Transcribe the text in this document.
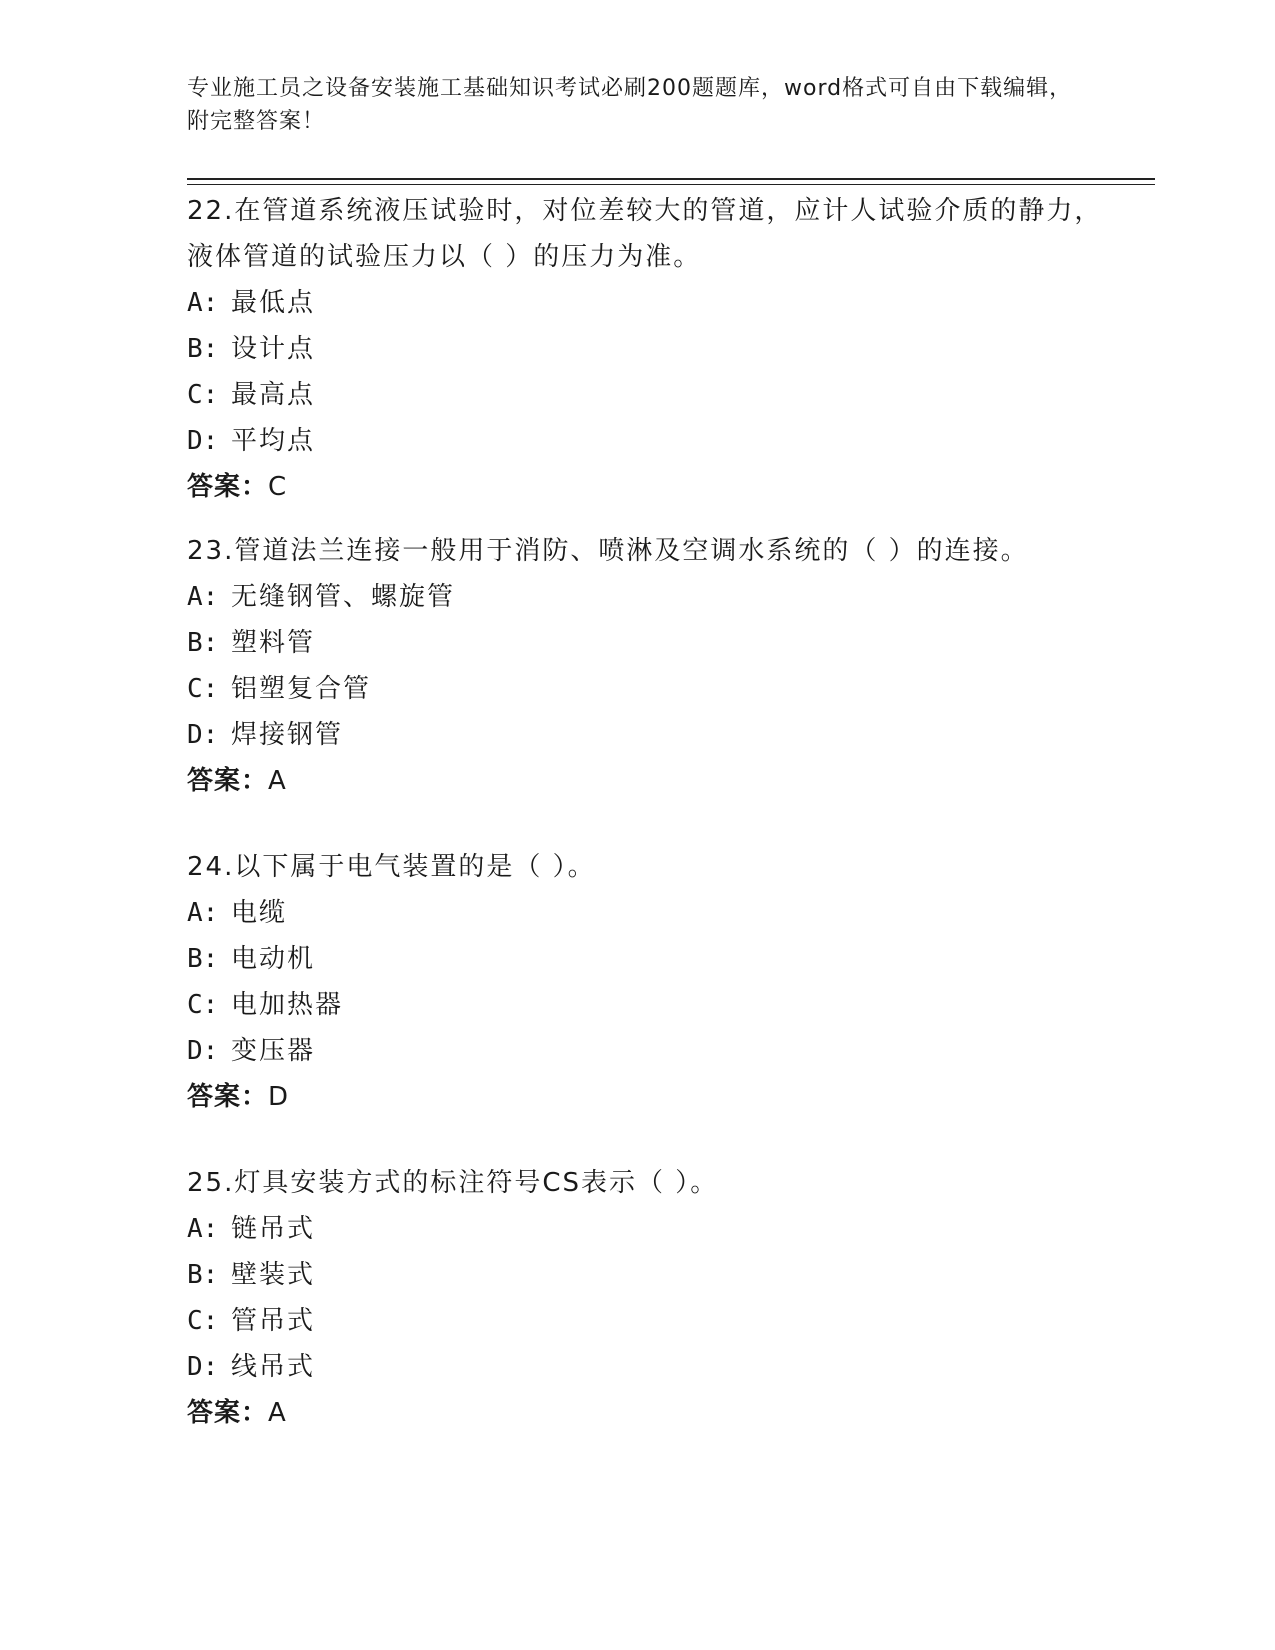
专业施工员之设备安装施工基础知识考试必刷200题题库，word格式可自由下载编辑，附完整答案！

22.在管道系统液压试验时，对位差较大的管道，应计人试验介质的静力，液体管道的试验压力以（ ）的压力为准。

A: 最低点
B: 设计点
C: 最高点
D: 平均点
答案：C

23.管道法兰连接一般用于消防、喷淋及空调水系统的（ ）的连接。

A: 无缝钢管、螺旋管
B: 塑料管
C: 铝塑复合管
D: 焊接钢管
答案：A

24.以下属于电气装置的是（ ）。

A: 电缆
B: 电动机
C: 电加热器
D: 变压器
答案：D

25.灯具安装方式的标注符号CS表示（ ）。

A: 链吊式
B: 壁装式
C: 管吊式
D: 线吊式
答案：A
